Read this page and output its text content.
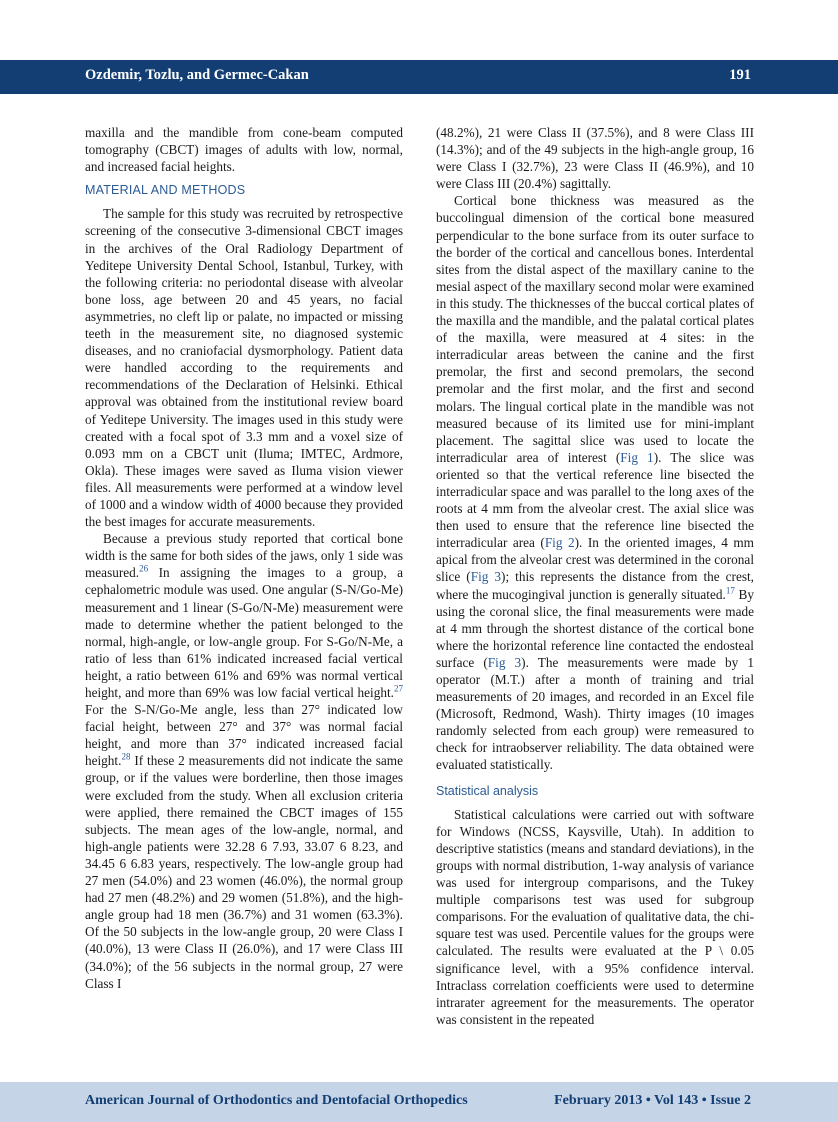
Ozdemir, Tozlu, and Germec-Cakan	191

maxilla and the mandible from cone-beam computed tomography (CBCT) images of adults with low, normal, and increased facial heights.

MATERIAL AND METHODS

The sample for this study was recruited by retrospective screening of the consecutive 3-dimensional CBCT images in the archives of the Oral Radiology Department of Yeditepe University Dental School, Istanbul, Turkey, with the following criteria: no periodontal disease with alveolar bone loss, age between 20 and 45 years, no facial asymmetries, no cleft lip or palate, no impacted or missing teeth in the measurement site, no diagnosed systemic diseases, and no craniofacial dysmorphology. Patient data were handled according to the requirements and recommendations of the Declaration of Helsinki. Ethical approval was obtained from the institutional review board of Yeditepe University. The images used in this study were created with a focal spot of 3.3 mm and a voxel size of 0.093 mm on a CBCT unit (Iluma; IMTEC, Ardmore, Okla). These images were saved as Iluma vision viewer files. All measurements were performed at a window level of 1000 and a window width of 4000 because they provided the best images for accurate measurements.

Because a previous study reported that cortical bone width is the same for both sides of the jaws, only 1 side was measured.$^{26}$ In assigning the images to a group, a cephalometric module was used. One angular (S-N/Go-Me) measurement and 1 linear (S-Go/N-Me) measurement were made to determine whether the patient belonged to the normal, high-angle, or low-angle group. For S-Go/N-Me, a ratio of less than 61% indicated increased facial vertical height, a ratio between 61% and 69% was normal vertical height, and more than 69% was low facial vertical height.$^{27}$ For the S-N/Go-Me angle, less than 27° indicated low facial height, between 27° and 37° was normal facial height, and more than 37° indicated increased facial height.$^{28}$ If these 2 measurements did not indicate the same group, or if the values were borderline, then those images were excluded from the study. When all exclusion criteria were applied, there remained the CBCT images of 155 subjects. The mean ages of the low-angle, normal, and high-angle patients were 32.28 6 7.93, 33.07 6 8.23, and 34.45 6 6.83 years, respectively. The low-angle group had 27 men (54.0%) and 23 women (46.0%), the normal group had 27 men (48.2%) and 29 women (51.8%), and the high-angle group had 18 men (36.7%) and 31 women (63.3%). Of the 50 subjects in the low-angle group, 20 were Class I (40.0%), 13 were Class II (26.0%), and 17 were Class III (34.0%); of the 56 subjects in the normal group, 27 were Class I

(48.2%), 21 were Class II (37.5%), and 8 were Class III (14.3%); and of the 49 subjects in the high-angle group, 16 were Class I (32.7%), 23 were Class II (46.9%), and 10 were Class III (20.4%) sagittally.

Cortical bone thickness was measured as the buccolingual dimension of the cortical bone measured perpendicular to the bone surface from its outer surface to the border of the cortical and cancellous bones. Interdental sites from the distal aspect of the maxillary canine to the mesial aspect of the maxillary second molar were examined in this study. The thicknesses of the buccal cortical plates of the maxilla and the mandible, and the palatal cortical plates of the maxilla, were measured at 4 sites: in the interradicular areas between the canine and the first premolar, the first and second premolars, the second premolar and the first molar, and the first and second molars. The lingual cortical plate in the mandible was not measured because of its limited use for mini-implant placement. The sagittal slice was used to locate the interradicular area of interest (Fig 1). The slice was oriented so that the vertical reference line bisected the interradicular space and was parallel to the long axes of the roots at 4 mm from the alveolar crest. The axial slice was then used to ensure that the reference line bisected the interradicular area (Fig 2). In the oriented images, 4 mm apical from the alveolar crest was determined in the coronal slice (Fig 3); this represents the distance from the crest, where the mucogingival junction is generally situated.$^{17}$ By using the coronal slice, the final measurements were made at 4 mm through the shortest distance of the cortical bone where the horizontal reference line contacted the endosteal surface (Fig 3). The measurements were made by 1 operator (M.T.) after a month of training and trial measurements of 20 images, and recorded in an Excel file (Microsoft, Redmond, Wash). Thirty images (10 images randomly selected from each group) were remeasured to check for intraobserver reliability. The data obtained were evaluated statistically.

Statistical analysis

Statistical calculations were carried out with software for Windows (NCSS, Kaysville, Utah). In addition to descriptive statistics (means and standard deviations), in the groups with normal distribution, 1-way analysis of variance was used for intergroup comparisons, and the Tukey multiple comparisons test was used for subgroup comparisons. For the evaluation of qualitative data, the chi-square test was used. Percentile values for the groups were calculated. The results were evaluated at the P \ 0.05 significance level, with a 95% confidence interval. Intraclass correlation coefficients were used to determine intrarater agreement for the measurements. The operator was consistent in the repeated

American Journal of Orthodontics and Dentofacial Orthopedics	February 2013 • Vol 143 • Issue 2
